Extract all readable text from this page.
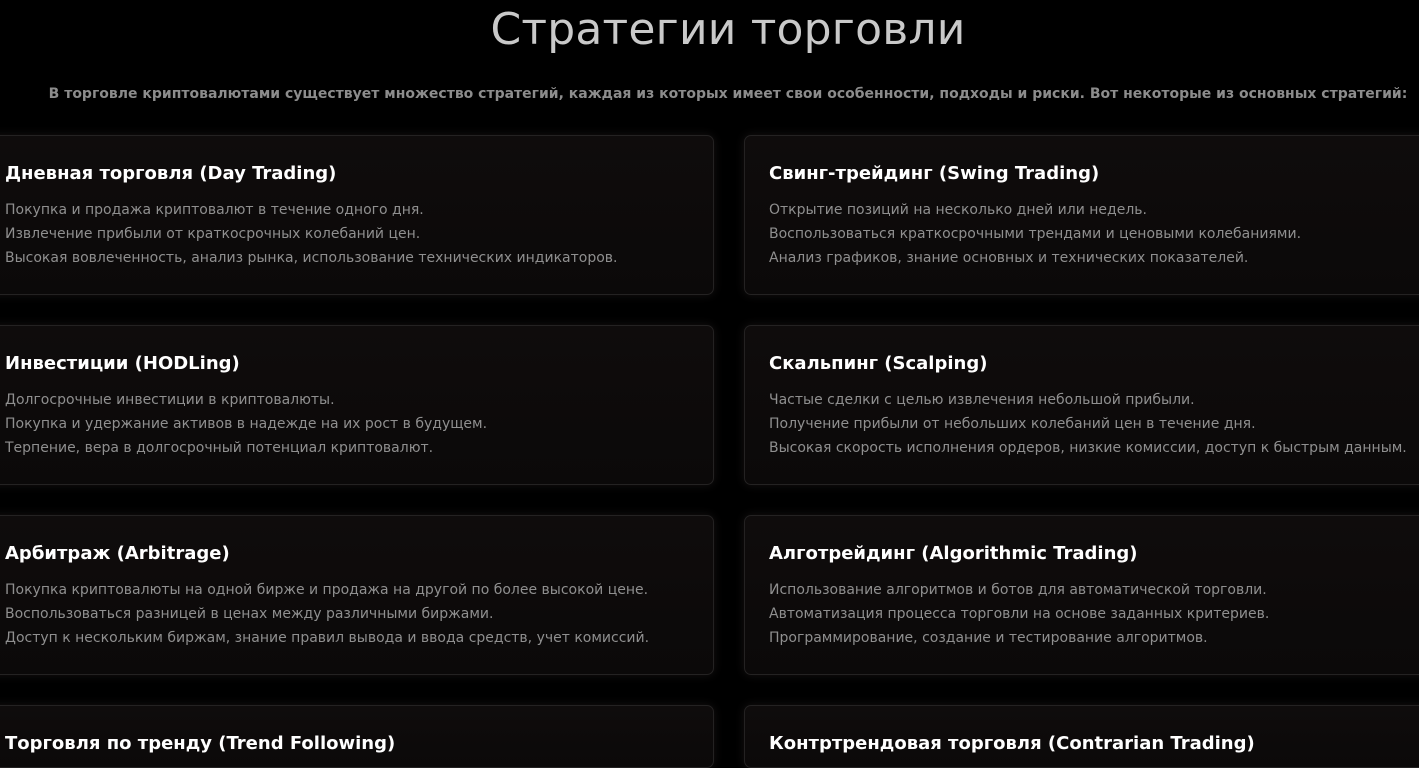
Стратегии торговли

В торговле криптовалютами существует множество стратегий, каждая из которых имеет свои особенности, подходы и риски. Вот некоторые из основных стратегий:

Дневная торговля (Day Trading)
Покупка и продажа криптовалют в течение одного дня.
Извлечение прибыли от краткосрочных колебаний цен.
Высокая вовлеченность, анализ рынка, использование технических индикаторов.
Свинг-трейдинг (Swing Trading)
Открытие позиций на несколько дней или недель.
Воспользоваться краткосрочными трендами и ценовыми колебаниями.
Анализ графиков, знание основных и технических показателей.
Инвестиции (HODLing)
Долгосрочные инвестиции в криптовалюты.
Покупка и удержание активов в надежде на их рост в будущем.
Терпение, вера в долгосрочный потенциал криптовалют.
Скальпинг (Scalping)
Частые сделки с целью извлечения небольшой прибыли.
Получение прибыли от небольших колебаний цен в течение дня.
Высокая скорость исполнения ордеров, низкие комиссии, доступ к быстрым данным.
Арбитраж (Arbitrage)
Покупка криптовалюты на одной бирже и продажа на другой по более высокой цене.
Воспользоваться разницей в ценах между различными биржами.
Доступ к нескольким биржам, знание правил вывода и ввода средств, учет комиссий.
Алготрейдинг (Algorithmic Trading)
Использование алгоритмов и ботов для автоматической торговли.
Автоматизация процесса торговли на основе заданных критериев.
Программирование, создание и тестирование алгоритмов.
Торговля по тренду (Trend Following)	Контртрендовая торговля (Contrarian Trading)
